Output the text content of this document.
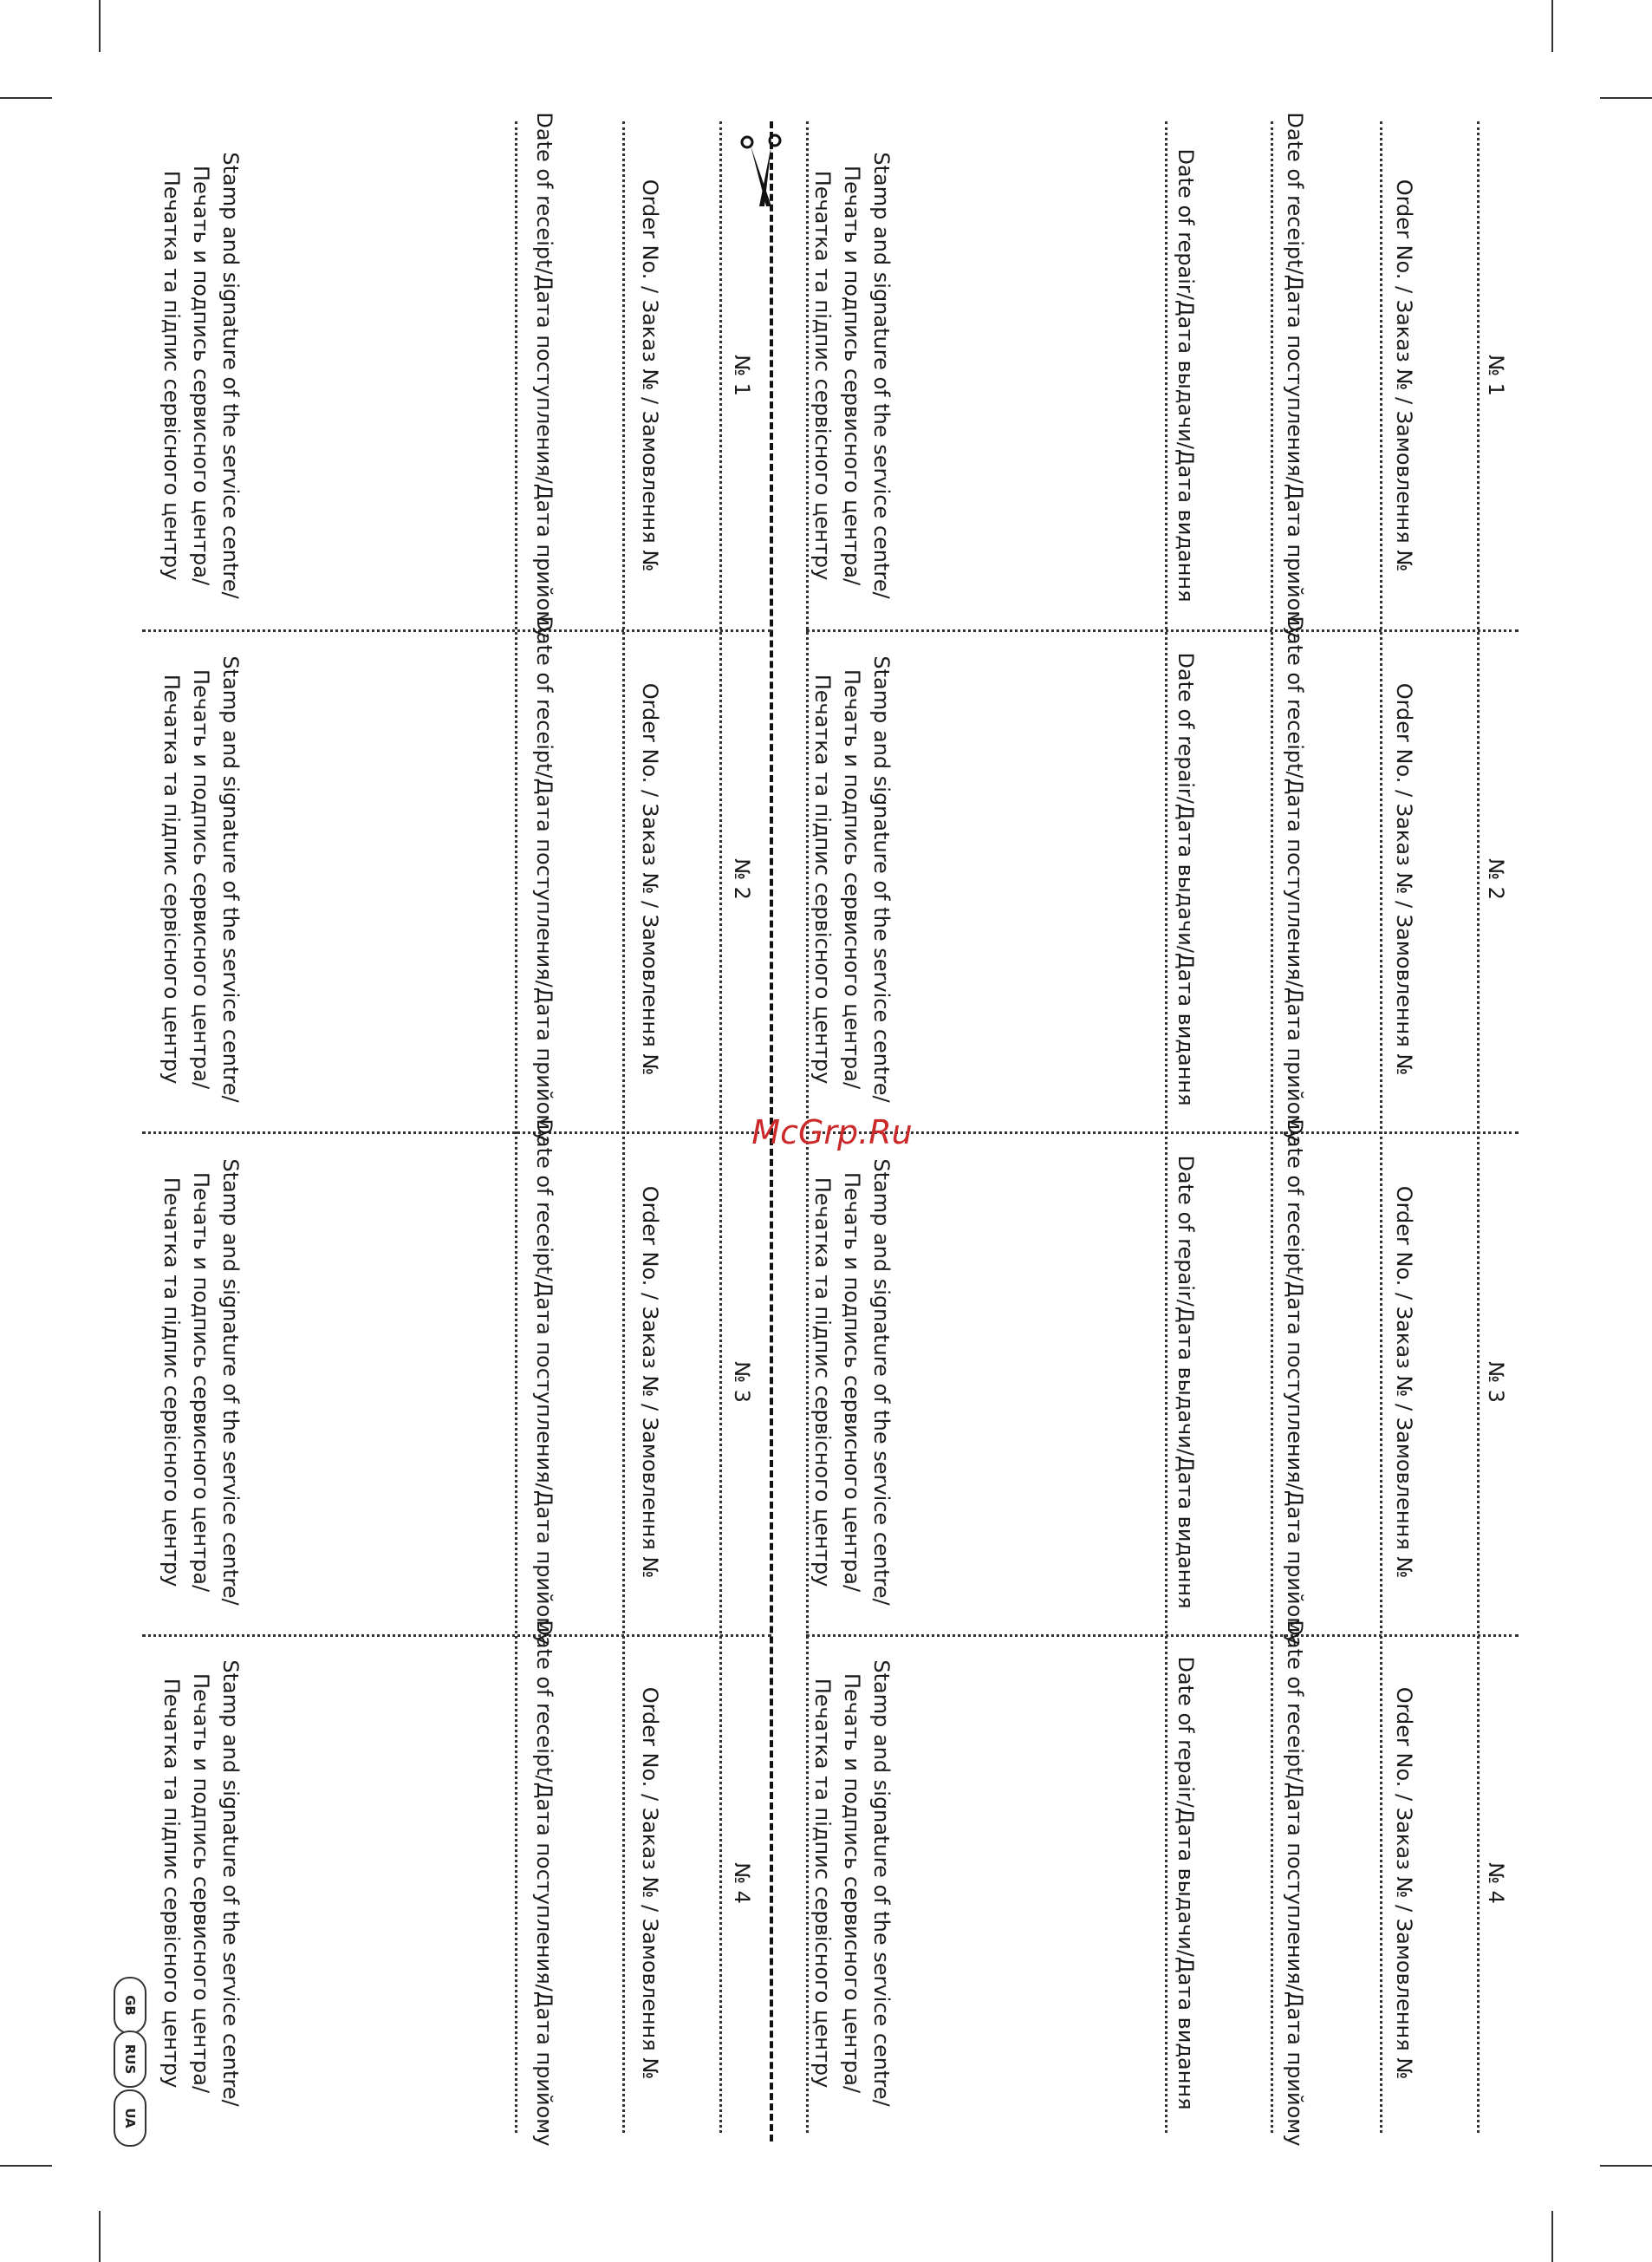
№ 1
Order No. / Заказ № / Замовлення №
Date of receipt/Дата поступления/Дата прийому
Date of repair/Дата выдачи/Дата видання
Stamp and signature of the service centre/
Печать и подпись сервисного центра/
Печатка та підпис сервісного центру
№ 1
Order No. / Заказ № / Замовлення №
Date of receipt/Дата поступления/Дата прийому
Stamp and signature of the service centre/
Печать и подпись сервисного центра/
Печатка та підпис сервісного центру
№ 2
Order No. / Заказ № / Замовлення №
Date of receipt/Дата поступления/Дата прийому
Date of repair/Дата выдачи/Дата видання
Stamp and signature of the service centre/
Печать и подпись сервисного центра/
Печатка та підпис сервісного центру
№ 2
Order No. / Заказ № / Замовлення №
Date of receipt/Дата поступления/Дата прийому
Stamp and signature of the service centre/
Печать и подпись сервисного центра/
Печатка та підпис сервісного центру
№ 3
Order No. / Заказ № / Замовлення №
Date of receipt/Дата поступления/Дата прийому
Date of repair/Дата выдачи/Дата видання
Stamp and signature of the service centre/
Печать и подпись сервисного центра/
Печатка та підпис сервісного центру
№ 3
Order No. / Заказ № / Замовлення №
Date of receipt/Дата поступления/Дата прийому
Stamp and signature of the service centre/
Печать и подпись сервисного центра/
Печатка та підпис сервісного центру
№ 4
Order No. / Заказ № / Замовлення №
Date of receipt/Дата поступления/Дата прийому
Date of repair/Дата выдачи/Дата видання
Stamp and signature of the service centre/
Печать и подпись сервисного центра/
Печатка та підпис сервісного центру
№ 4
Order No. / Заказ № / Замовлення №
Date of receipt/Дата поступления/Дата прийому
Stamp and signature of the service centre/
Печать и подпись сервисного центра/
Печатка та підпис сервісного центру
GB
RUS
UA
McGrp.Ru
